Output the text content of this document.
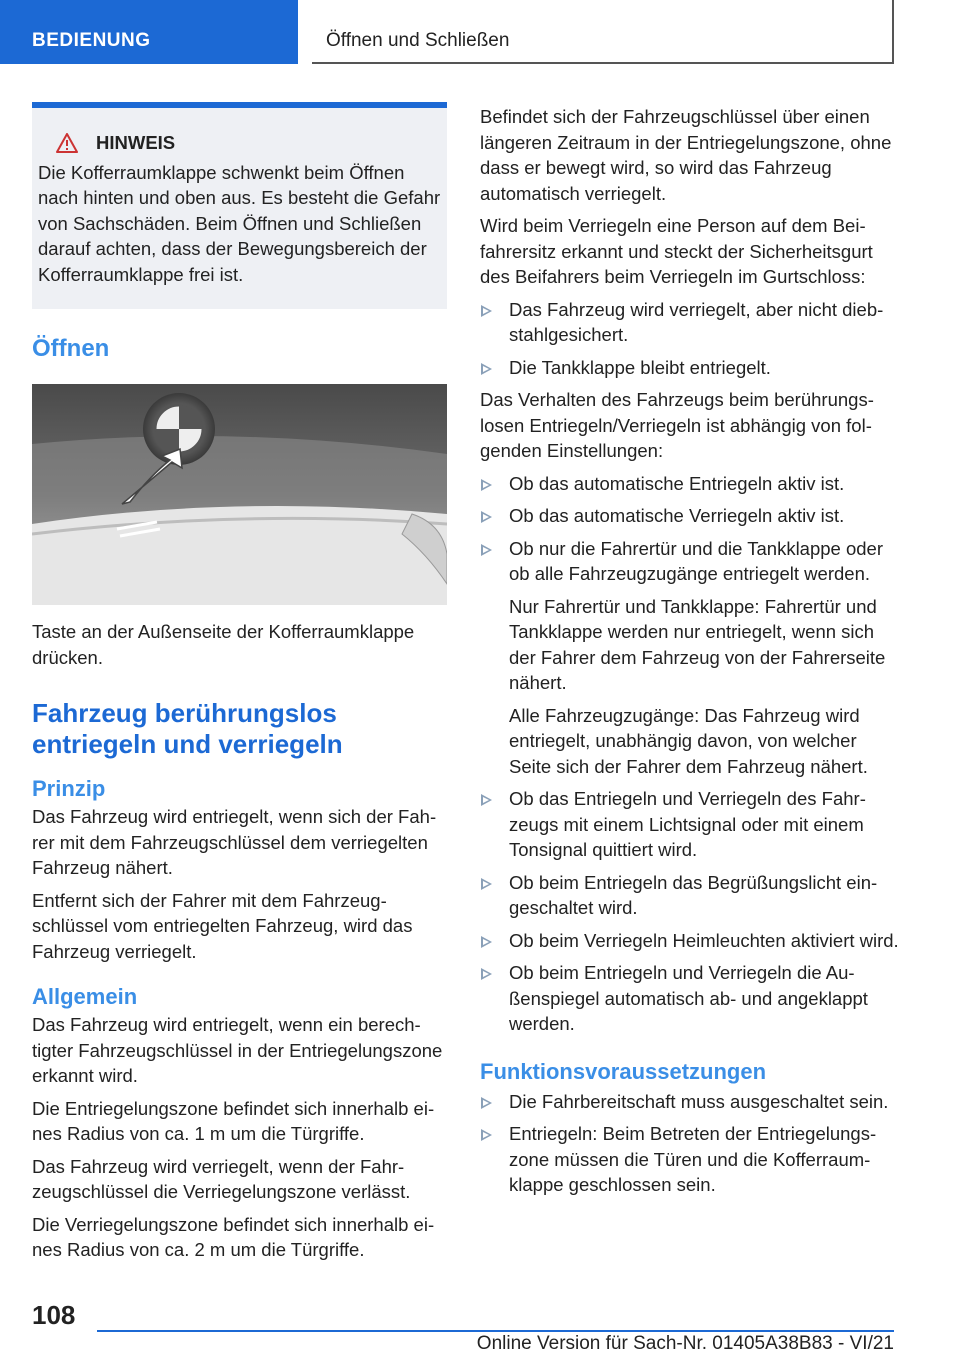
BEDIENUNG	Öffnen und Schließen
HINWEIS

Die Kofferraumklappe schwenkt beim Öffnen nach hinten und oben aus. Es besteht die Gefahr von Sachschäden. Beim Öffnen und Schließen darauf achten, dass der Bewegungsbereich der Kofferraumklappe frei ist.

Öffnen

Taste an der Außenseite der Kofferraumklappe drücken.

Fahrzeug berührungslos entriegeln und verriegeln
Prinzip

Das Fahrzeug wird entriegelt, wenn sich der Fahrer mit dem Fahrzeugschlüssel dem verriegelten Fahrzeug nähert.

Entfernt sich der Fahrer mit dem Fahrzeugschlüssel vom entriegelten Fahrzeug, wird das Fahrzeug verriegelt.

Allgemein

Das Fahrzeug wird entriegelt, wenn ein berechtigter Fahrzeugschlüssel in der Entriegelungszone erkannt wird.

Die Entriegelungszone befindet sich innerhalb eines Radius von ca. 1 m um die Türgriffe.

Das Fahrzeug wird verriegelt, wenn der Fahrzeugschlüssel die Verriegelungszone verlässt.

Die Verriegelungszone befindet sich innerhalb eines Radius von ca. 2 m um die Türgriffe.

Befindet sich der Fahrzeugschlüssel über einen längeren Zeitraum in der Entriegelungszone, ohne dass er bewegt wird, so wird das Fahrzeug automatisch verriegelt.

Wird beim Verriegeln eine Person auf dem Beifahrersitz erkannt und steckt der Sicherheitsgurt des Beifahrers beim Verriegeln im Gurtschloss:

Das Fahrzeug wird verriegelt, aber nicht diebstahlgesichert.
Die Tankklappe bleibt entriegelt.

Das Verhalten des Fahrzeugs beim berührungslosen Entriegeln/Verriegeln ist abhängig von folgenden Einstellungen:

Ob das automatische Entriegeln aktiv ist.
Ob das automatische Verriegeln aktiv ist.
Ob nur die Fahrertür und die Tankklappe oder ob alle Fahrzeugzugänge entriegelt werden.

Nur Fahrertür und Tankklappe: Fahrertür und Tankklappe werden nur entriegelt, wenn sich der Fahrer dem Fahrzeug von der Fahrerseite nähert.

Alle Fahrzeugzugänge: Das Fahrzeug wird entriegelt, unabhängig davon, von welcher Seite sich der Fahrer dem Fahrzeug nähert.

Ob das Entriegeln und Verriegeln des Fahrzeugs mit einem Lichtsignal oder mit einem Tonsignal quittiert wird.
Ob beim Entriegeln das Begrüßungslicht eingeschaltet wird.
Ob beim Verriegeln Heimleuchten aktiviert wird.
Ob beim Entriegeln und Verriegeln die Außenspiegel automatisch ab- und angeklappt werden.
Funktionsvoraussetzungen
Die Fahrbereitschaft muss ausgeschaltet sein.
Entriegeln: Beim Betreten der Entriegelungszone müssen die Türen und die Kofferraumklappe geschlossen sein.
108
Online Version für Sach-Nr. 01405A38B83 - VI/21
